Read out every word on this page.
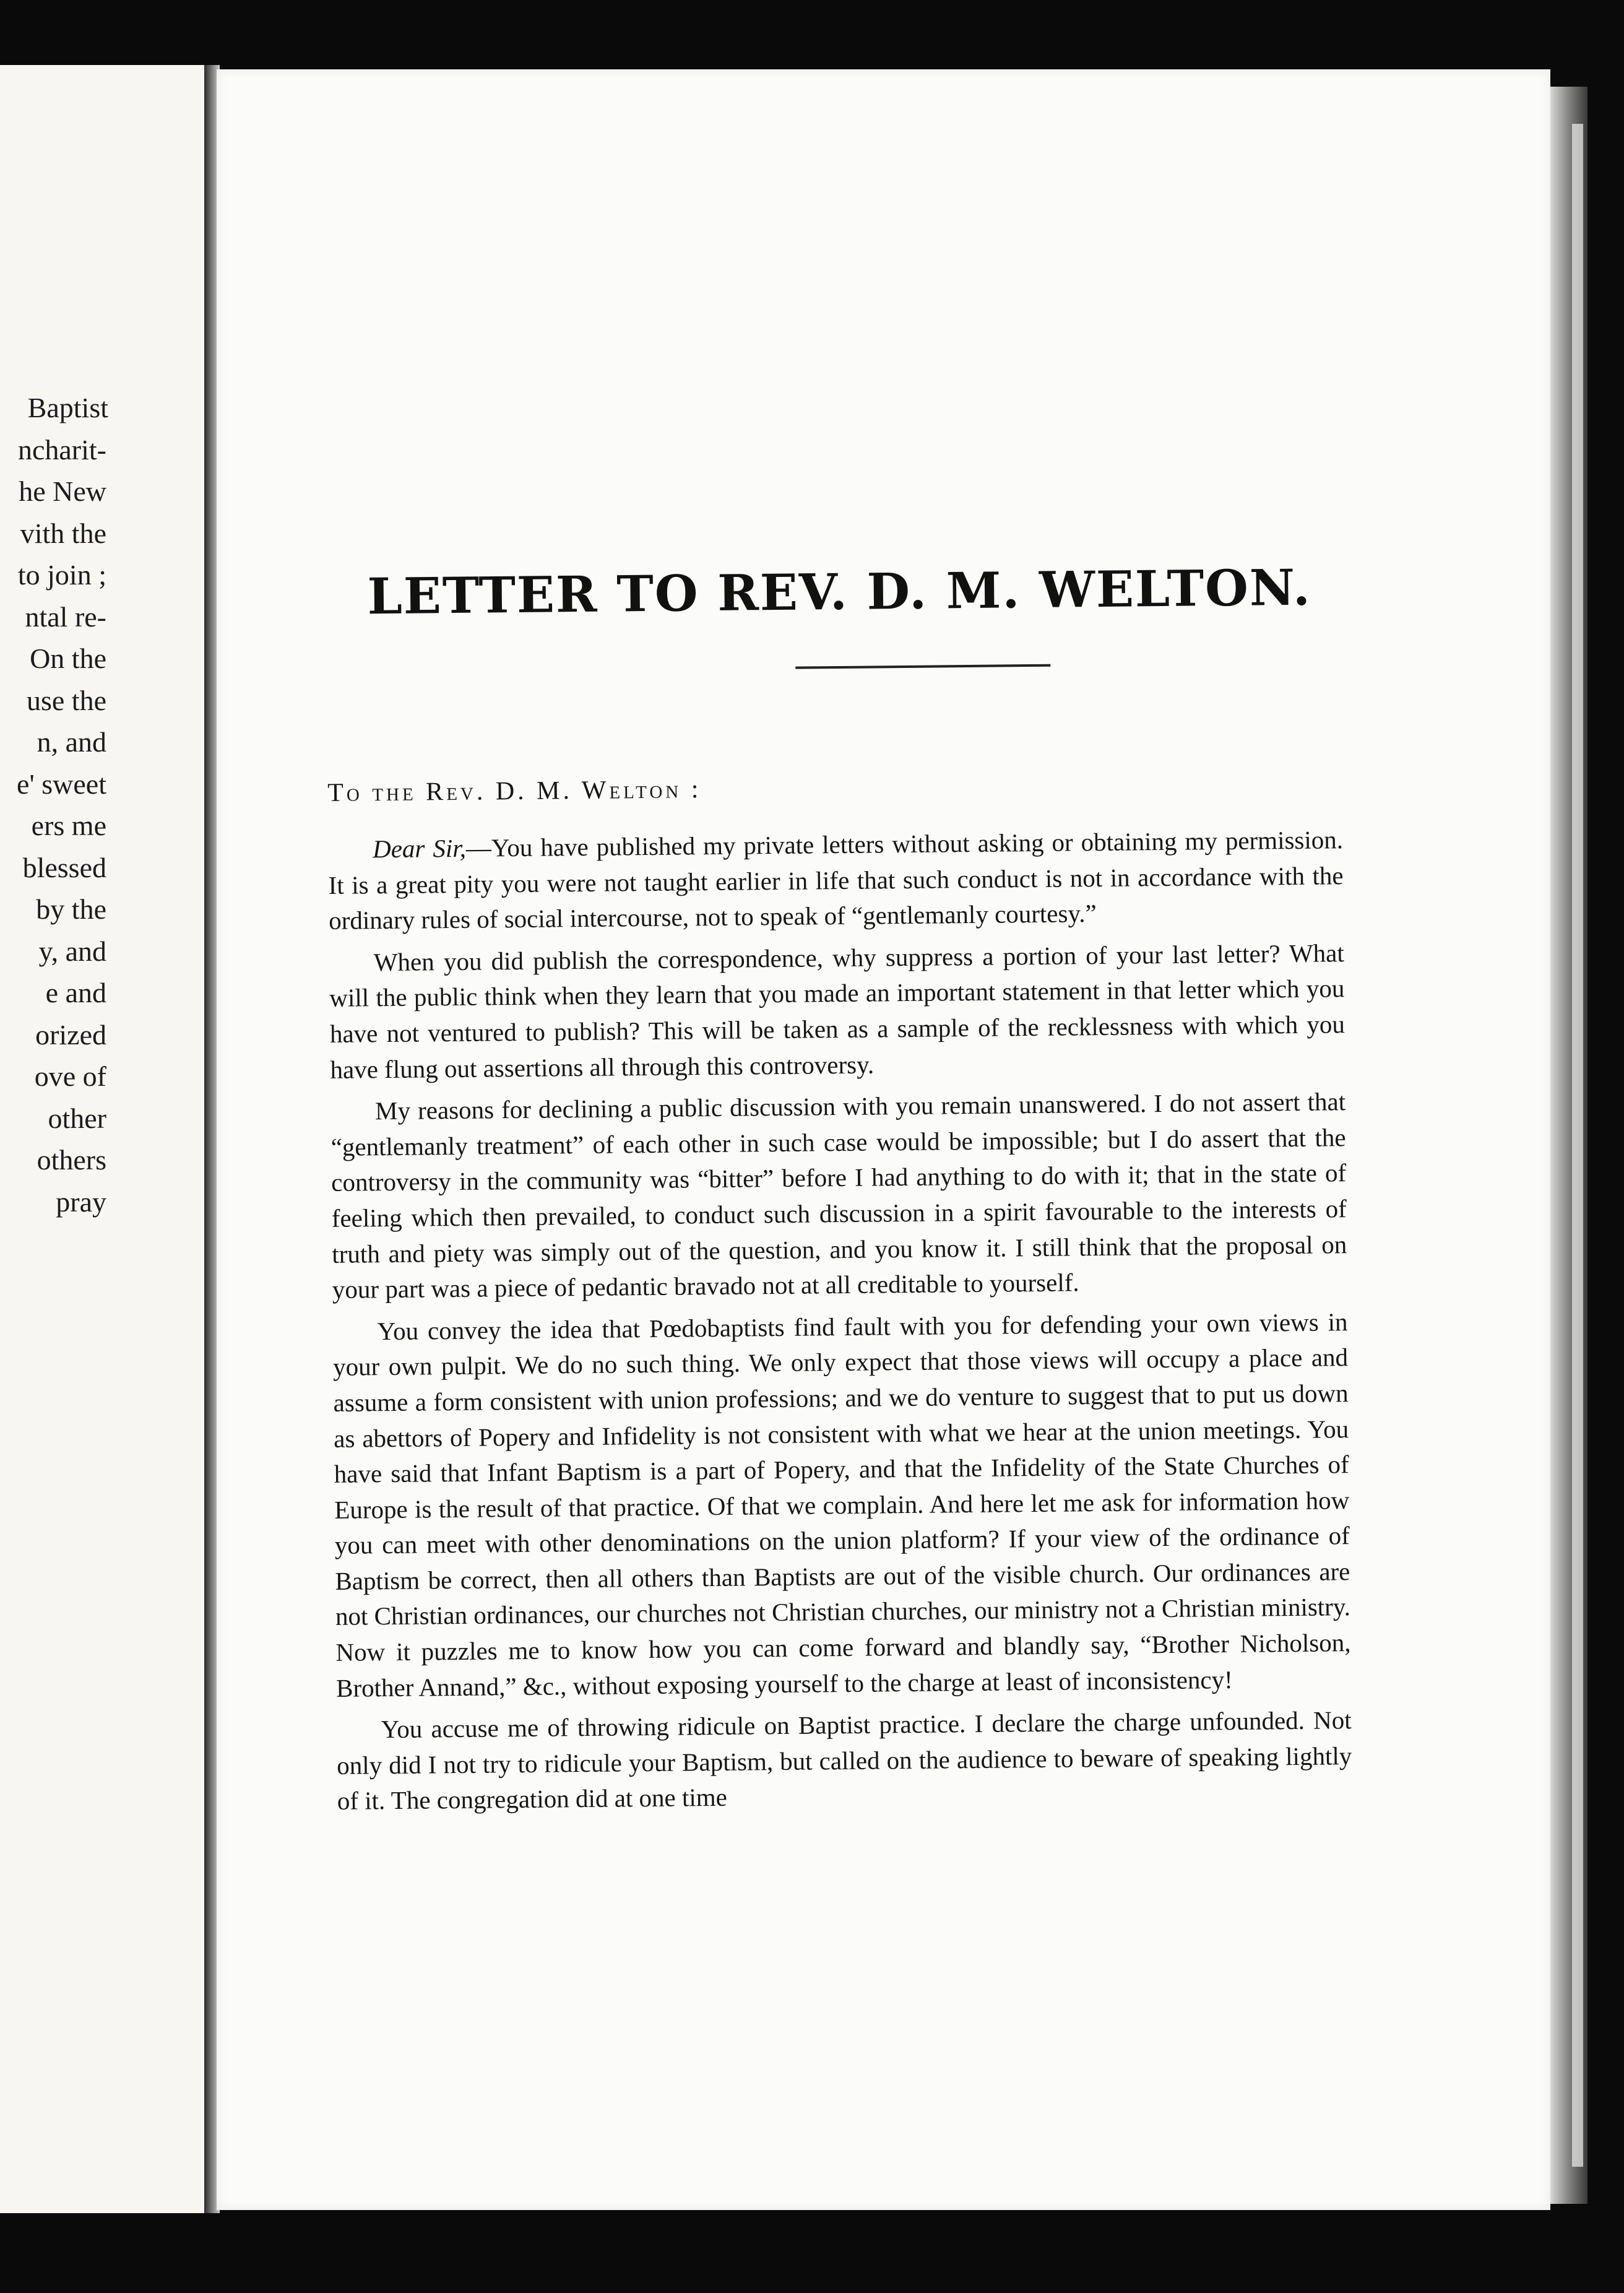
Baptist
ncharit-
he New
vith the
to join ;
ntal re-
On the
use the
n, and
e' sweet
ers me
blessed
by the
y, and
e and
orized
ove of
other
others
pray
LETTER TO REV. D. M. WELTON.
To the Rev. D. M. Welton :

Dear Sir,—You have published my private letters without asking or obtaining my permission. It is a great pity you were not taught earlier in life that such conduct is not in accordance with the ordinary rules of social intercourse, not to speak of “gentlemanly courtesy.”

When you did publish the correspondence, why suppress a portion of your last letter? What will the public think when they learn that you made an important statement in that letter which you have not ventured to publish? This will be taken as a sample of the recklessness with which you have flung out assertions all through this controversy.

My reasons for declining a public discussion with you remain unanswered. I do not assert that “gentlemanly treatment” of each other in such case would be impossible; but I do assert that the controversy in the community was “bitter” before I had anything to do with it; that in the state of feeling which then prevailed, to conduct such discussion in a spirit favourable to the interests of truth and piety was simply out of the question, and you know it. I still think that the proposal on your part was a piece of pedantic bravado not at all creditable to yourself.

You convey the idea that Pœdobaptists find fault with you for defending your own views in your own pulpit. We do no such thing. We only expect that those views will occupy a place and assume a form consistent with union professions; and we do venture to suggest that to put us down as abettors of Popery and Infidelity is not consistent with what we hear at the union meetings. You have said that Infant Baptism is a part of Popery, and that the Infidelity of the State Churches of Europe is the result of that practice. Of that we complain. And here let me ask for information how you can meet with other denominations on the union platform? If your view of the ordinance of Baptism be correct, then all others than Baptists are out of the visible church. Our ordinances are not Christian ordinances, our churches not Christian churches, our ministry not a Christian ministry. Now it puzzles me to know how you can come forward and blandly say, “Brother Nicholson, Brother Annand,” &c., without exposing yourself to the charge at least of inconsistency!

You accuse me of throwing ridicule on Baptist practice. I declare the charge unfounded. Not only did I not try to ridicule your Baptism, but called on the audience to beware of speaking lightly of it. The congregation did at one time
